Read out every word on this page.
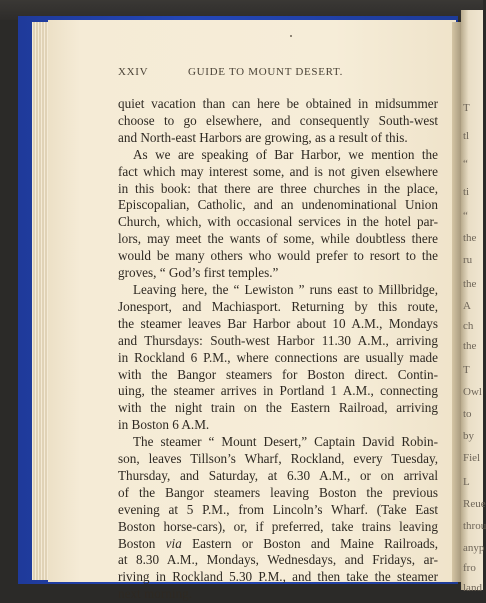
T
tl
“
ti
“
the
ru
the
A
ch
the
T
Owl
to
by
Fiel
L
Reue
throu
anyp
fro
land
XXIV	GUIDE TO MOUNT DESERT.
quiet vacation than can here be obtained in midsummer
choose to go elsewhere, and consequently South-west
and North-east Harbors are growing, as a result of this.
As we are speaking of Bar Harbor, we mention the
fact which may interest some, and is not given elsewhere
in this book: that there are three churches in the place,
Episcopalian, Catholic, and an undenominational Union
Church, which, with occasional services in the hotel par-
lors, may meet the wants of some, while doubtless there
would be many others who would prefer to resort to the
groves, “ God’s first temples.”
Leaving here, the “ Lewiston ” runs east to Millbridge,
Jonesport, and Machiasport. Returning by this route,
the steamer leaves Bar Harbor about 10 A.M., Mondays
and Thursdays: South-west Harbor 11.30 A.M., arriving
in Rockland 6 P.M., where connections are usually made
with the Bangor steamers for Boston direct. Contin-
uing, the steamer arrives in Portland 1 A.M., connecting
with the night train on the Eastern Railroad, arriving
in Boston 6 A.M.
The steamer “ Mount Desert,” Captain David Robin-
son, leaves Tillson’s Wharf, Rockland, every Tuesday,
Thursday, and Saturday, at 6.30 A.M., or on arrival
of the Bangor steamers leaving Boston the previous
evening at 5 P.M., from Lincoln’s Wharf. (Take East
Boston horse-cars), or, if preferred, take trains leaving
Boston via Eastern or Boston and Maine Railroads,
at 8.30 A.M., Mondays, Wednesdays, and Fridays, ar-
riving in Rockland 5.30 P.M., and then take the steamer
next morning.
